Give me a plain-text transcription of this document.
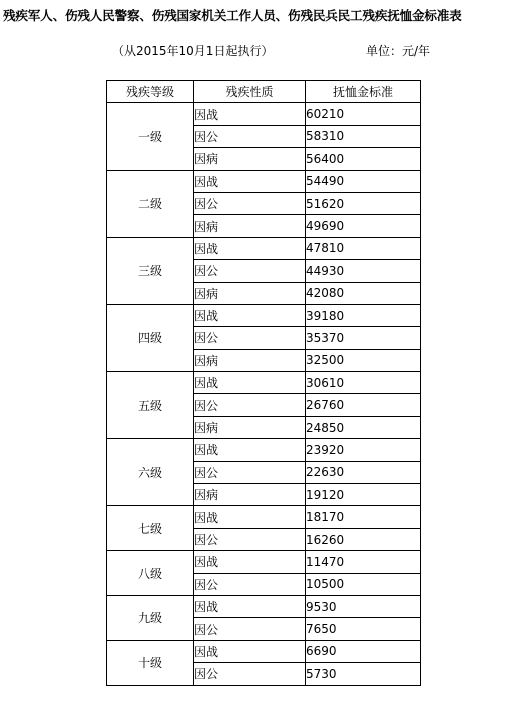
残疾军人、伤残人民警察、伤残国家机关工作人员、伤残民兵民工残疾抚恤金标准表
（从2015年10月1日起执行）	单位：元/年
残疾等级	残疾性质	抚恤金标准
一级	因战	60210
	因公	58310
	因病	56400
二级	因战	54490
	因公	51620
	因病	49690
三级	因战	47810
	因公	44930
	因病	42080
四级	因战	39180
	因公	35370
	因病	32500
五级	因战	30610
	因公	26760
	因病	24850
六级	因战	23920
	因公	22630
	因病	19120
七级	因战	18170
	因公	16260
八级	因战	11470
	因公	10500
九级	因战	9530
	因公	7650
十级	因战	6690
	因公	5730
